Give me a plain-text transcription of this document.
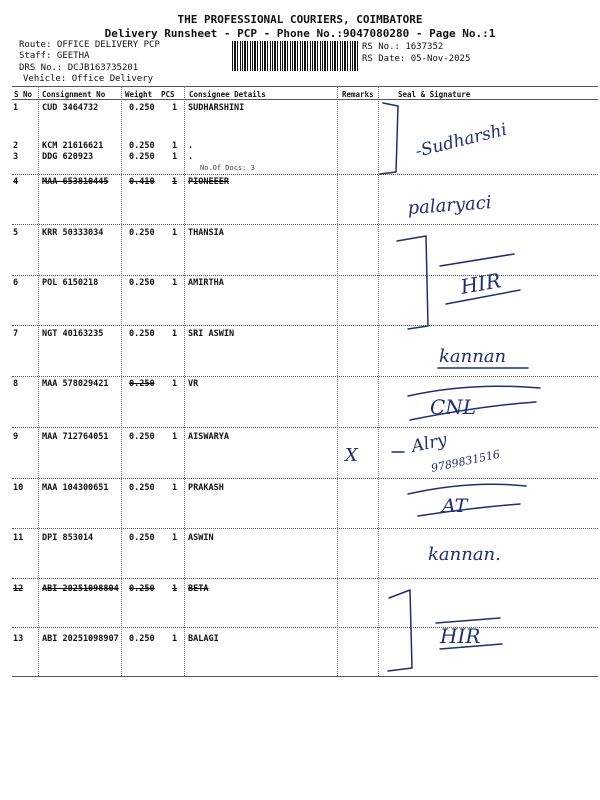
THE PROFESSIONAL COURIERS, COIMBATORE
Delivery Runsheet - PCP - Phone No.:9047080280 - Page No.:1
Route: OFFICE DELIVERY PCP
Staff: GEETHA
DRS No.: DCJB163735201
Vehicle: Office Delivery
RS No.: 1637352
RS Date: 05-Nov-2025
S No Consignment No	Weight PCS Consignee Details	Remarks	Seal & Signature
1	CUD 3464732	0.250 1 SUDHARSHINI
2	KCM 21616621	0.250 1 .
3	DDG 620923	0.250 1 .
No.Of Docs: 3
4	MAA 653810445 0.410 1 PIONEEER
5	KRR 50333034	0.250 1 THANSIA
6	POL 6150218	0.250 1 AMIRTHA
7	NGT 40163235	0.250 1 SRI ASWIN
8	MAA 578029421 0.250 1 VR
9	MAA 712764051 0.250 1 AISWARYA
10 MAA 104300651 0.250 1 PRAKASH
11 DPI 853014	0.250 1 ASWIN
12 ABI 20251098804 0.250 1 BETA
13 ABI 20251098907 0.250 1 BALAGI
-Sudharshi
palaryaci
HIR
kannan
CNL
X	Alry
9789831516
AT
kannan.
HIR
